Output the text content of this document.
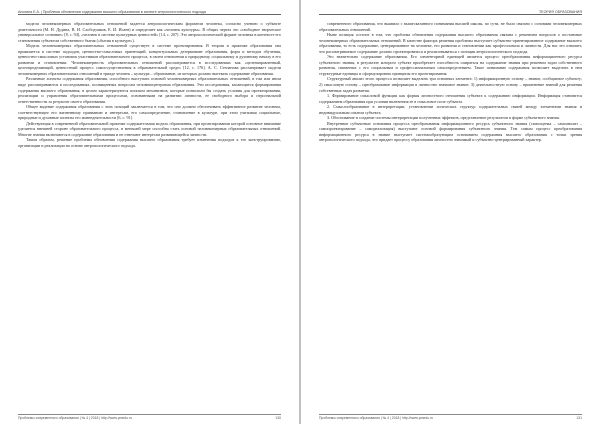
Анохина Е.А. | Проблема обновления содержания высшего образования в аспекте антропологического подхода

модели человекомерных образовательных отношений задается антропологическим форматом человека, согласно учению о субъекте деятельности (М. Н. Дудина, В. И. Слободчиков, Е. И. Исаев) и определяет как «человек культуры». В общих чертах это «свободное творческое универсальное сознание» [8, с. 94], «человек в системе культурных ценностей» [14, с. 207]. Это антропологический формат человека в контексте его становления субъектом собственного бытия («бытия в культуре»).

Модель человекомерных образовательных отношений существует в системе проектирования. В теории и практике образования она проявляется в системе подходов, ценностно-смысловых ориентаций, концептуальных детерминант образования, форм и методов обучения, ценностно-смысловых установок участников образовательного процесса, в своем отношении к природному, социальному и духовному началу в его развитии и становлении. Человекомерность образовательных отношений рассматривается в исследованиях как «целенаправленный, целеопределяющий, ценностный процесс самоосуществления в образовательной среде» [12, с. 176]. А. С. Степанова рассматривает модели человекомерных образовательных отношений в триаде человек – культура – образование, из которых должно вытекать содержание образования.

Различные аспекты содержания образования, способного выступать основой человекомерных образовательных отношений, в том или ином виде рассматриваются в исследованиях, посвященных вопросам человекоцентризма образования. Эти исследования, касающиеся формирования содержания высшего образования, в целом характеризуются поиском механизмов, которые позволили бы создать условия для проектирования, реализации и управления образовательными процессами, основанными на развитии личности, ее свободного выбора и персональной ответственности за результат своего образования.

Общее видение содержания образования с этих позиций заключается в том, что оно должно обеспечивать эффективное развитие человека, соответствующее его жизненному призванию и интересам, его самоопределение, становление в культуре, при этом учитывая социальные, природные и духовные аспекты его жизнедеятельности [6, с. 91].

Действующая в современной образовательной практике содержательная модель образования, при проектировании которой основное внимание уделяется внешней стороне образовательного процесса, в меньшей мере способна стать основой человекомерных образовательных отношений. Многие знания включаются в содержание образования и не отвечают интересам развивающейся личности.

Таким образом, решение проблемы обновления содержания высшего образования требует изменения подходов к его конструированию, организации и реализации на основе антропологического подхода.

Проблемы современного образования | № 4 | 2018 | http://www.pmedu.ru	130
ТЕОРИЯ ОБРАЗОВАНИЯ

современного образования, что выявило с вышесказанного понимания высшей школы, по сути, не было связано с основами человекомерных образовательных отношений.

Ныне позиция состоит в том, что проблема обновления содержания высшего образования связана с решением вопросов о постановке человекомерных образовательных отношений. В качестве фактора решения проблемы выступает субъектно-ориентированное содержание высшего образования, то есть содержание, центрированное на человеке, его развитии и становлении как профессионала и личности. Для нас это означает, что рассматриваемое содержание должно проектироваться и реализовываться с позиции антропологического подхода.

Это значительно содержание образования. Его элементарной единицей является процесс преобразования информационного ресурса субъектного знания, в результате которого субъект приобретает способность опираться на содержание знания при решении задач собственного развития, связанных с его социальным и профессиональным самоопределением. Такое понимание содержания позволяет выделить в нем структурные единицы и сформулировать принципы его проектирования.

Структурный анализ этого процесса позволяет выделить три основных элемента: 1) информационную основу – знание, сообщаемое субъекту; 2) смысловую основу – преобразование информации в личностно значимое знание; 3) деятельностную основу – применение знаний для решения собственных задач развития.

1. Формирование смысловой функции как формы личностного отношения субъекта к содержанию информации. Информация становится содержанием образования при условии включения ее в смысловое поле субъекта.

2. Смыслообразование в интерпретации, установлении логических структур содержательных связей между элементами знания и индивидуальным опытом субъекта.

3. Обоснование и создание системы интерпретации полученных эффектов, представление результатов в форме субъектного знания.

Внутренние субъектные основания процесса преобразования информационного ресурса субъектного знания (самооценка – самоанализ – самопроектирование – самореализация) выступают основой формирования субъектного знания. Тем самым процесс преобразования информационного ресурса в знание выступает системообразующим основанием содержания высшего образования с точки зрения антропологического подхода, что придает процессу образования личностно значимый и субъектно-центрированный характер.

Проблемы современного образования | № 4 | 2018 | http://www.pmedu.ru	131
